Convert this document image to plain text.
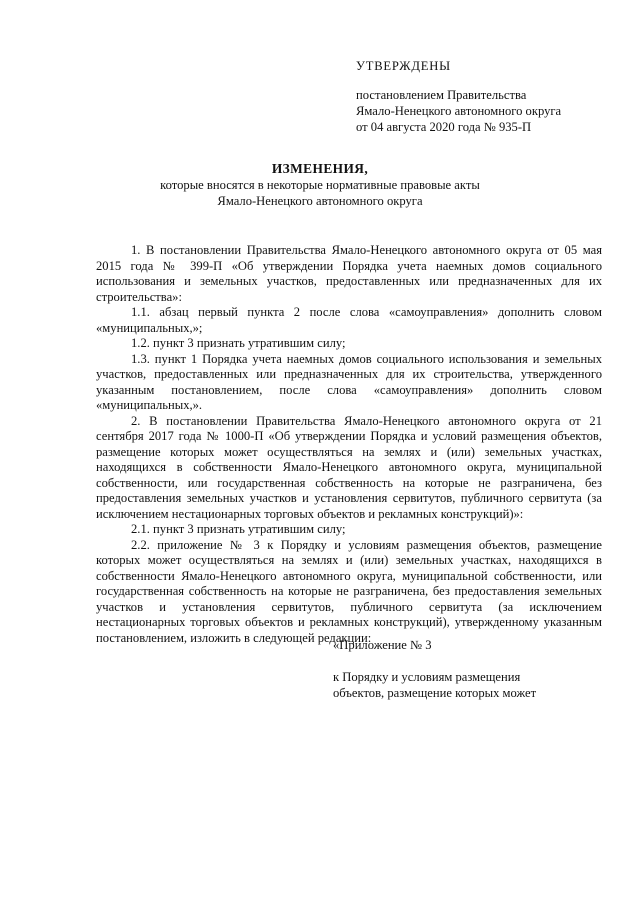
УТВЕРЖДЕНЫ
постановлением Правительства
Ямало-Ненецкого автономного округа
от 04 августа 2020 года № 935-П
ИЗМЕНЕНИЯ,
которые вносятся в некоторые нормативные правовые акты
Ямало-Ненецкого автономного округа

1. В постановлении Правительства Ямало-Ненецкого автономного округа от 05 мая 2015 года № 399-П «Об утверждении Порядка учета наемных домов социального использования и земельных участков, предоставленных или предназначенных для их строительства»:

1.1. абзац первый пункта 2 после слова «самоуправления» дополнить словом «муниципальных,»;

1.2. пункт 3 признать утратившим силу;

1.3. пункт 1 Порядка учета наемных домов социального использования и земельных участков, предоставленных или предназначенных для их строительства, утвержденного указанным постановлением, после слова «самоуправления» дополнить словом «муниципальных,».

2. В постановлении Правительства Ямало-Ненецкого автономного округа от 21 сентября 2017 года № 1000-П «Об утверждении Порядка и условий размещения объектов, размещение которых может осуществляться на землях и (или) земельных участках, находящихся в собственности Ямало-Ненецкого автономного округа, муниципальной собственности, или государственная собственность на которые не разграничена, без предоставления земельных участков и установления сервитутов, публичного сервитута (за исключением нестационарных торговых объектов и рекламных конструкций)»:

2.1. пункт 3 признать утратившим силу;

2.2. приложение № 3 к Порядку и условиям размещения объектов, размещение которых может осуществляться на землях и (или) земельных участках, находящихся в собственности Ямало-Ненецкого автономного округа, муниципальной собственности, или государственная собственность на которые не разграничена, без предоставления земельных участков и установления сервитутов, публичного сервитута (за исключением нестационарных торговых объектов и рекламных конструкций), утвержденному указанным постановлением, изложить в следующей редакции:

«Приложение № 3
к Порядку и условиям размещения
объектов, размещение которых может
